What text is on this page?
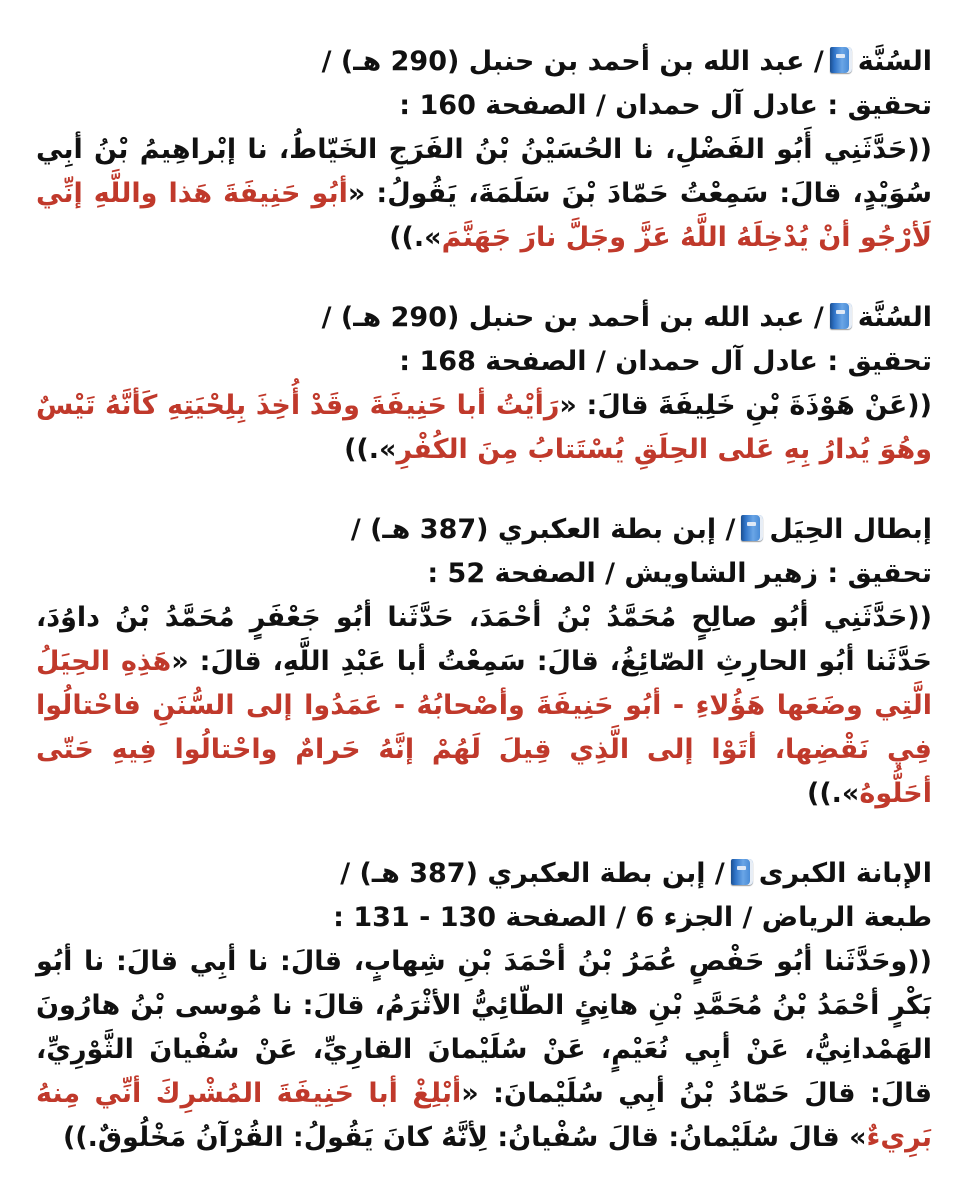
السُنَّة/ عبد الله بن أحمد بن حنبل (290 هـ) /
تحقيق : عادل آل حمدان / الصفحة 160 :
((حَدَّثَنِي أَبُو الفَضْلِ، نا الحُسَيْنُ بْنُ الفَرَجِ الخَيّاطُ، نا إبْراهِيمُ بْنُ أبِي سُوَيْدٍ، قالَ: سَمِعْتُ حَمّادَ بْنَ سَلَمَةَ، يَقُولُ: «أبُو حَنِيفَةَ هَذا واللَّهِ إنِّي لَأرْجُو أنْ يُدْخِلَهُ اللَّهُ عَزَّ وجَلَّ نارَ جَهَنَّمَ».))
السُنَّة/ عبد الله بن أحمد بن حنبل (290 هـ) /
تحقيق : عادل آل حمدان / الصفحة 168 :
((عَنْ هَوْذَةَ بْنِ خَلِيفَةَ قالَ: «رَأيْتُ أبا حَنِيفَةَ وقَدْ أُخِذَ بِلِحْيَتِهِ كَأنَّهُ تَيْسٌ وهُوَ يُدارُ بِهِ عَلى الحِلَقِ يُسْتَتابُ مِنَ الكُفْرِ».))
إبطال الحِيَل/ إبن بطة العكبري (387 هـ) /
تحقيق : زهير الشاويش / الصفحة 52 :
((حَدَّثَنِي أبُو صالِحٍ مُحَمَّدُ بْنُ أحْمَدَ، حَدَّثَنا أبُو جَعْفَرٍ مُحَمَّدُ بْنُ داوُدَ، حَدَّثَنا أبُو الحارِثِ الصّائِغُ، قالَ: سَمِعْتُ أبا عَبْدِ اللَّهِ، قالَ: «هَذِهِ الحِيَلُ الَّتِي وضَعَها هَؤُلاءِ - أبُو حَنِيفَةَ وأصْحابُهُ - عَمَدُوا إلى السُّنَنِ فاحْتالُوا فِي نَقْضِها، أتَوْا إلى الَّذِي قِيلَ لَهُمْ إنَّهُ حَرامٌ واحْتالُوا فِيهِ حَتّى أحَلُّوهُ».))
الإبانة الكبرى/ إبن بطة العكبري (387 هـ) /
طبعة الرياض / الجزء 6 / الصفحة 130 - 131 :
((وحَدَّثَنا أبُو حَفْصٍ عُمَرُ بْنُ أحْمَدَ بْنِ شِهابٍ، قالَ: نا أبِي قالَ: نا أبُو بَكْرٍ أحْمَدُ بْنُ مُحَمَّدِ بْنِ هانِئٍ الطّائِيُّ الأثْرَمُ، قالَ: نا مُوسى بْنُ هارُونَ الهَمْدانِيُّ، عَنْ أبِي نُعَيْمٍ، عَنْ سُلَيْمانَ القارِيِّ، عَنْ سُفْيانَ الثَّوْرِيِّ، قالَ: قالَ حَمّادُ بْنُ أبِي سُلَيْمانَ: «أبْلِغْ أبا حَنِيفَةَ المُشْرِكَ أنِّي مِنهُ بَرِيءٌ» قالَ سُلَيْمانُ: قالَ سُفْيانُ: لِأنَّهُ كانَ يَقُولُ: القُرْآنُ مَخْلُوقٌ.))
